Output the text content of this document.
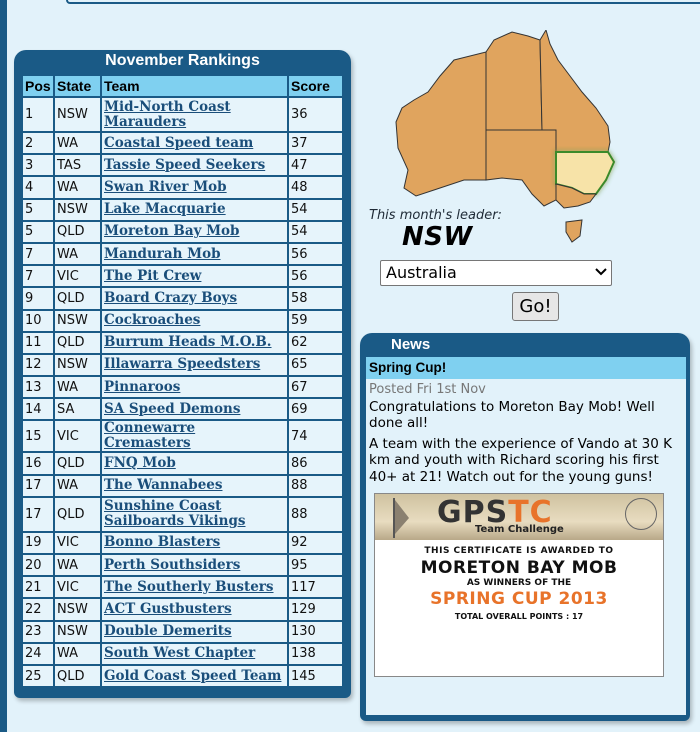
November Rankings
Pos	State	Team	Score
1	NSW	Mid-North Coast Marauders	36
2	WA	Coastal Speed team	37
3	TAS	Tassie Speed Seekers	47
4	WA	Swan River Mob	48
5	NSW	Lake Macquarie	54
5	QLD	Moreton Bay Mob	54
7	WA	Mandurah Mob	56
7	VIC	The Pit Crew	56
9	QLD	Board Crazy Boys	58
10	NSW	Cockroaches	59
11	QLD	Burrum Heads M.O.B.	62
12	NSW	Illawarra Speedsters	65
13	WA	Pinnaroos	67
14	SA	SA Speed Demons	69
15	VIC	Connewarre Cremasters	74
16	QLD	FNQ Mob	86
17	WA	The Wannabees	88
17	QLD	Sunshine Coast Sailboards Vikings	88
19	VIC	Bonno Blasters	92
20	WA	Perth Southsiders	95
21	VIC	The Southerly Busters	117
22	NSW	ACT Gustbusters	129
23	NSW	Double Demerits	130
24	WA	South West Chapter	138
25	QLD	Gold Coast Speed Team	145
This month's leader:
NSW
Australia
Go!
News
Spring Cup!
Posted Fri 1st Nov

Congratulations to Moreton Bay Mob! Well done all!

A team with the experience of Vando at 30 K km and youth with Richard scoring his first 40+ at 21! Watch out for the young guns!

GPSTC
Team Challenge
THIS CERTIFICATE IS AWARDED TO
MORETON BAY MOB
AS WINNERS OF THE
SPRING CUP 2013
TOTAL OVERALL POINTS : 17
